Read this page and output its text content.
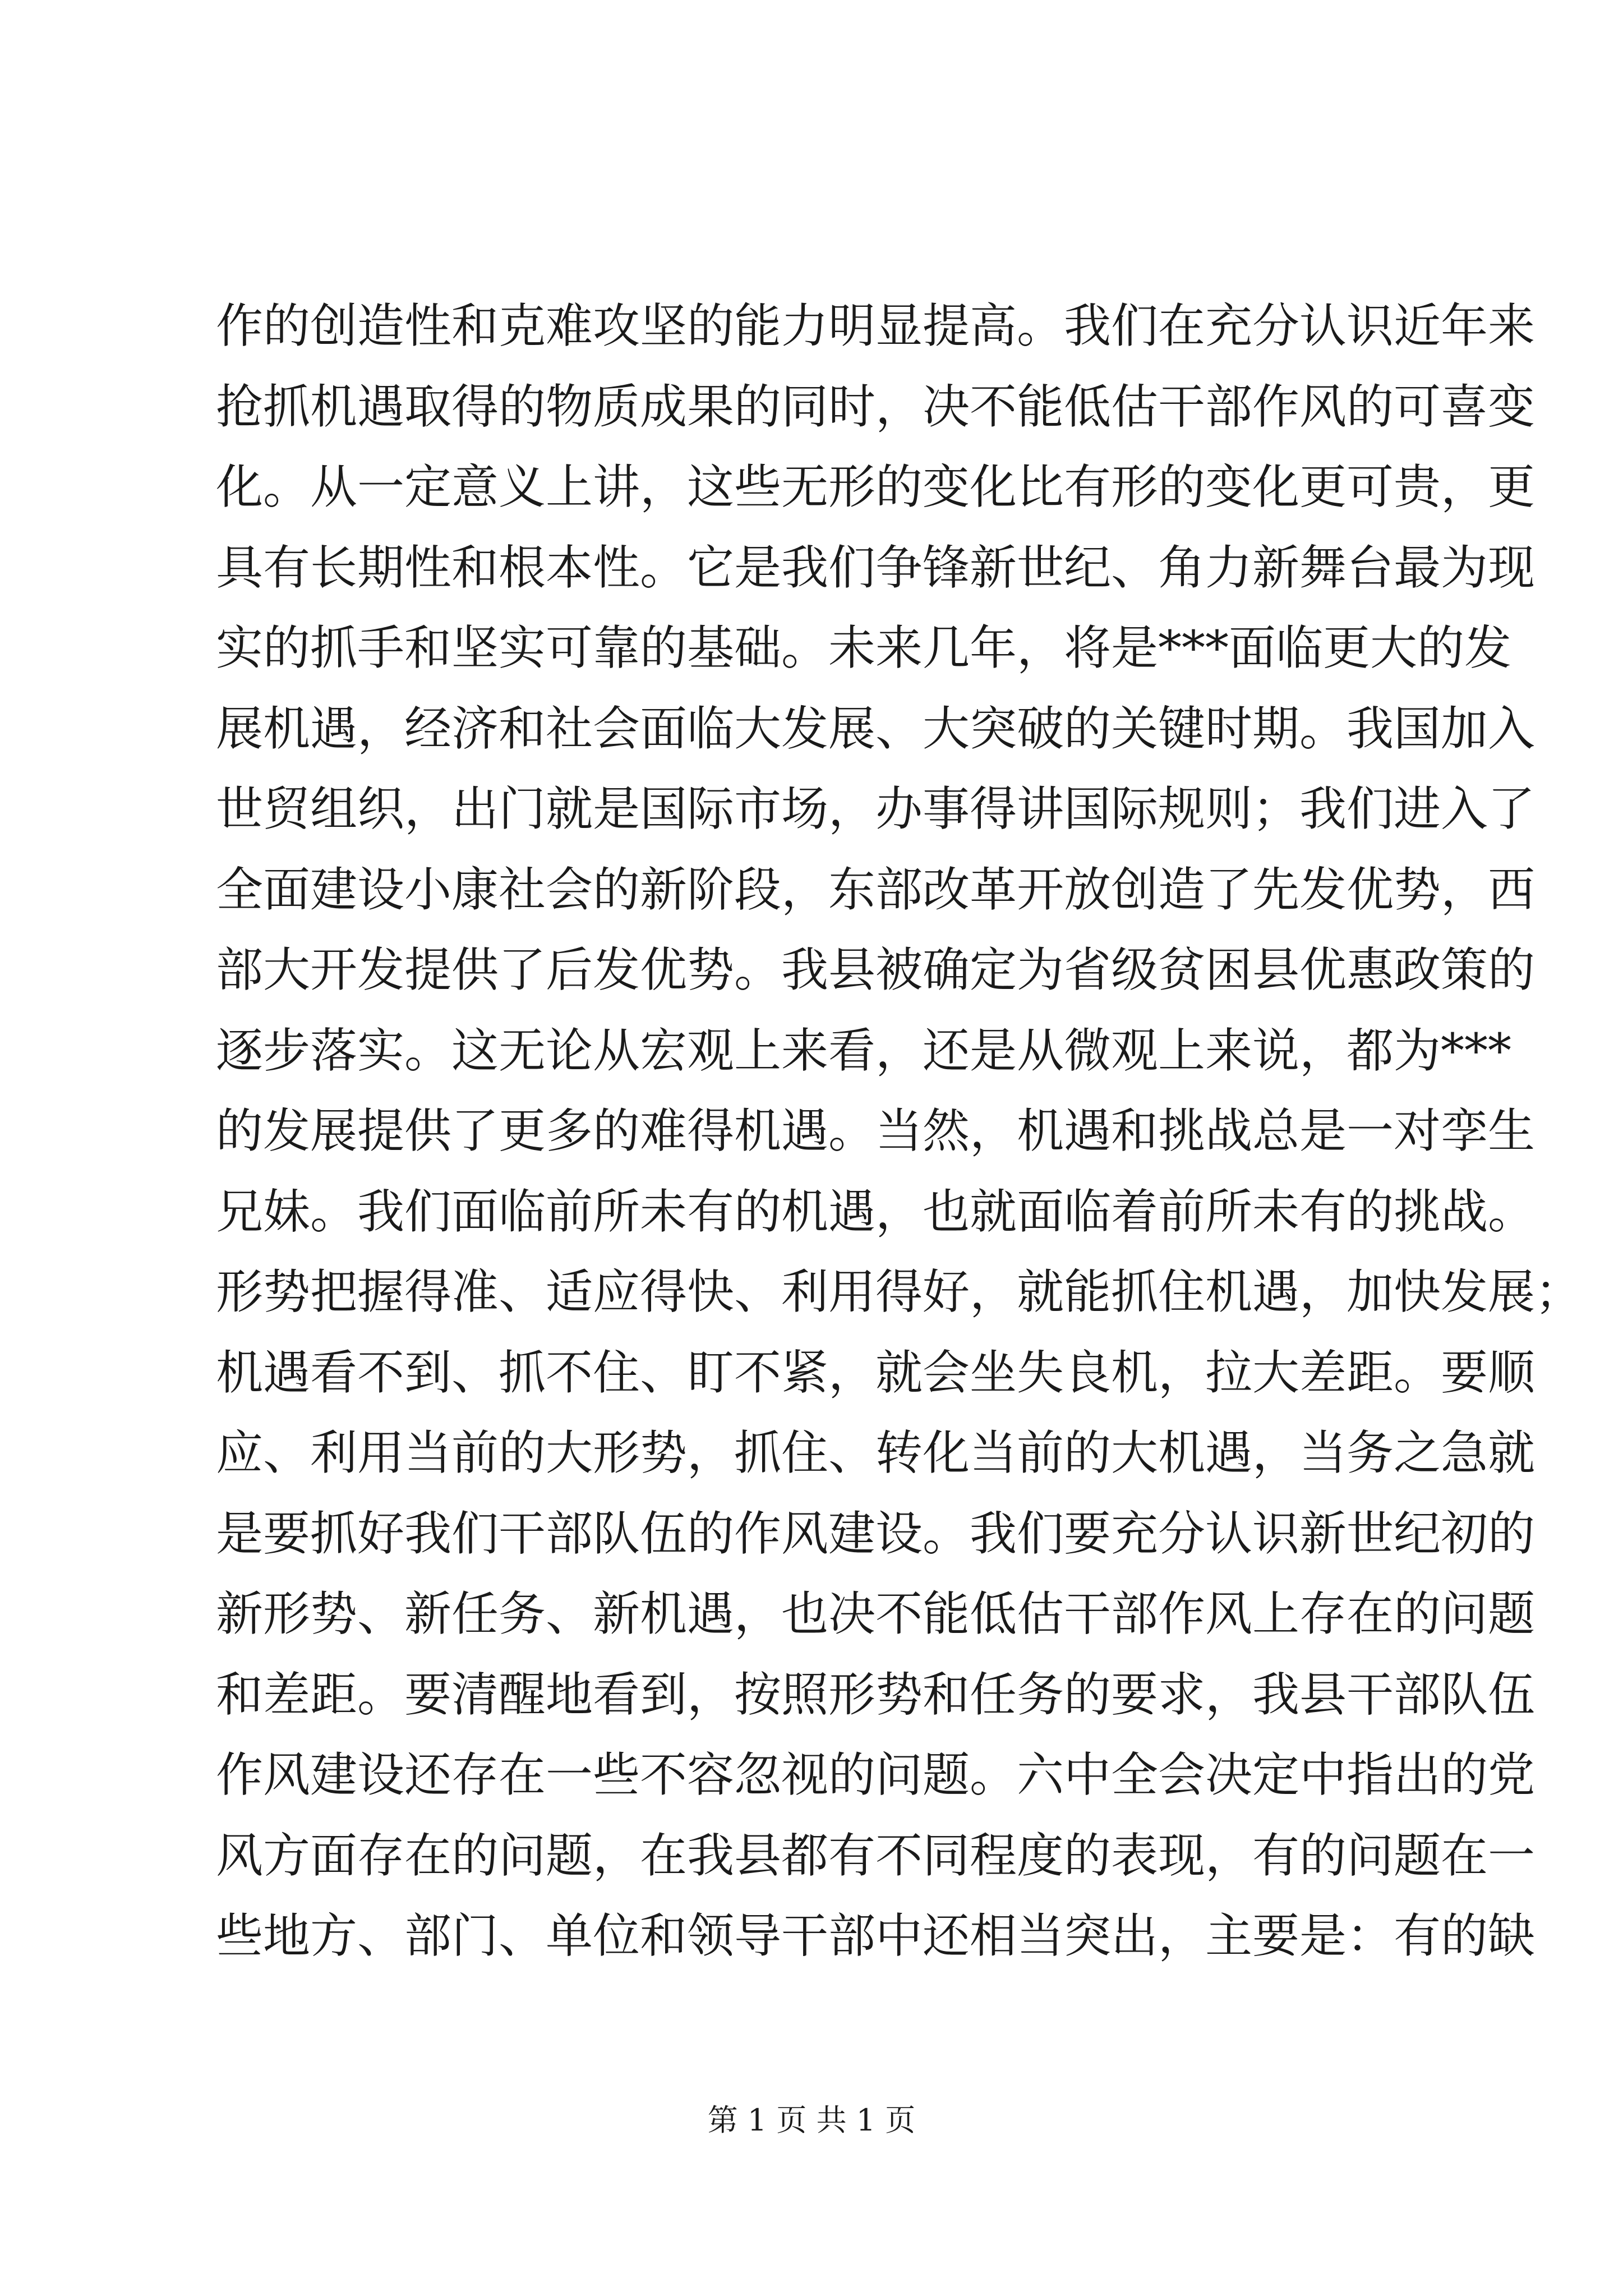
作的创造性和克难攻坚的能力明显提高。我们在充分认识近年来
抢抓机遇取得的物质成果的同时，决不能低估干部作风的可喜变
化。从一定意义上讲，这些无形的变化比有形的变化更可贵，更
具有长期性和根本性。它是我们争锋新世纪、角力新舞台最为现
实的抓手和坚实可靠的基础。未来几年，将是***面临更大的发
展机遇，经济和社会面临大发展、大突破的关键时期。我国加入
世贸组织，出门就是国际市场，办事得讲国际规则；我们进入了
全面建设小康社会的新阶段，东部改革开放创造了先发优势，西
部大开发提供了后发优势。我县被确定为省级贫困县优惠政策的
逐步落实。这无论从宏观上来看，还是从微观上来说，都为***
的发展提供了更多的难得机遇。当然，机遇和挑战总是一对孪生
兄妹。我们面临前所未有的机遇，也就面临着前所未有的挑战。
形势把握得准、适应得快、利用得好，就能抓住机遇，加快发展；
机遇看不到、抓不住、盯不紧，就会坐失良机，拉大差距。要顺
应、利用当前的大形势，抓住、转化当前的大机遇，当务之急就
是要抓好我们干部队伍的作风建设。我们要充分认识新世纪初的
新形势、新任务、新机遇，也决不能低估干部作风上存在的问题
和差距。要清醒地看到，按照形势和任务的要求，我县干部队伍
作风建设还存在一些不容忽视的问题。六中全会决定中指出的党
风方面存在的问题，在我县都有不同程度的表现，有的问题在一
些地方、部门、单位和领导干部中还相当突出，主要是：有的缺
第 1 页 共 1 页
